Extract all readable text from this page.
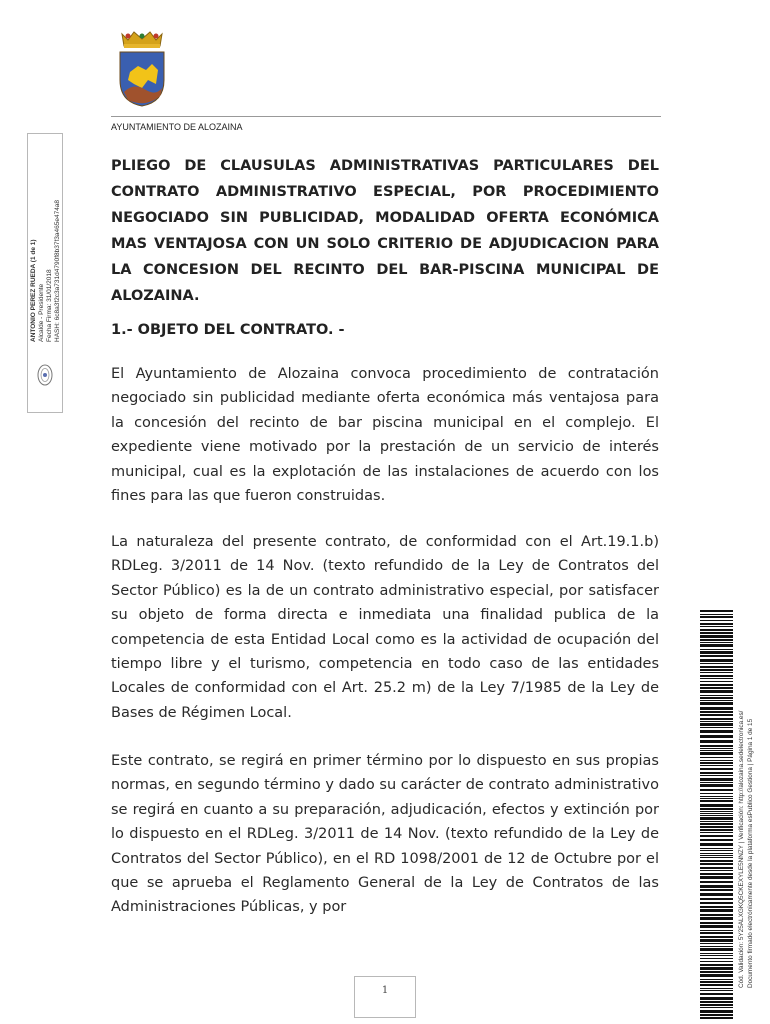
AYUNTAMIENTO DE ALOZAINA
ANTONIO PEREZ RUEDA (1 de 1) Alcalde - Presidente Fecha Firma: 31/01/2018 HASH: 6c8a3f2c3a731d4790f8b37f3a465e474a8

PLIEGO DE CLAUSULAS ADMINISTRATIVAS PARTICULARES DEL CONTRATO ADMINISTRATIVO ESPECIAL, POR PROCEDIMIENTO NEGOCIADO SIN PUBLICIDAD, MODALIDAD OFERTA ECONÓMICA MAS VENTAJOSA CON UN SOLO CRITERIO DE ADJUDICACION PARA LA CONCESION DEL RECINTO DEL BAR-PISCINA MUNICIPAL DE ALOZAINA.

1.- OBJETO DEL CONTRATO. -

El Ayuntamiento de Alozaina convoca procedimiento de contratación negociado sin publicidad mediante oferta económica más ventajosa para la concesión del recinto de bar piscina municipal en el complejo. El expediente viene motivado por la prestación de un servicio de interés municipal, cual es la explotación de las instalaciones de acuerdo con los fines para las que fueron construidas.

La naturaleza del presente contrato, de conformidad con el Art.19.1.b) RDLeg. 3/2011 de 14 Nov. (texto refundido de la Ley de Contratos del Sector Público) es la de un contrato administrativo especial, por satisfacer su objeto de forma directa e inmediata una finalidad publica de la competencia de esta Entidad Local como es la actividad de ocupación del tiempo libre y el turismo, competencia en todo caso de las entidades Locales de conformidad con el Art. 25.2 m) de la Ley 7/1985 de la Ley de Bases de Régimen Local.

Este contrato, se regirá en primer término por lo dispuesto en sus propias normas, en segundo término y dado su carácter de contrato administrativo se regirá en cuanto a su preparación, adjudicación, efectos y extinción por lo dispuesto en el RDLeg. 3/2011 de 14 Nov. (texto refundido de la Ley de Contratos del Sector Público), en el RD 1098/2001 de 12 de Octubre por el que se aprueba el Reglamento General de la Ley de Contratos de las Administraciones Públicas, y por	Cód. Validación: 5Y25ALXGKQ5CKEXYLE5NNZY | Verificación: http://alozaina.sedelectronica.es/ Documento firmado electrónicamente desde la plataforma esPublico Gestiona | Página 1 de 15
1
